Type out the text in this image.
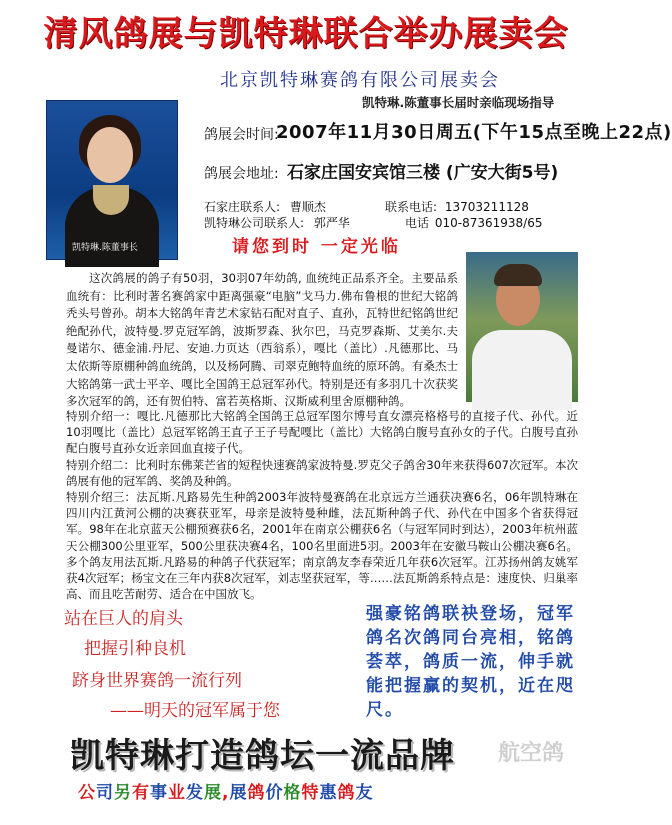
清风鸽展与凯特琳联合举办展卖会
北京凯特琳赛鸽有限公司展卖会
凯特琳.陈董事长届时亲临现场指导
凯特琳.陈董事长
鸽展会时间:
2007年11月30日周五(下午15点至晚上22点)
鸽展会地址: 石家庄国安宾馆三楼 (广安大街5号)
石家庄联系人: 曹顺杰	联系电话: 13703211128
凯特琳公司联系人: 郭严华	电话 010-87361938/65
请您到时 一定光临
这次鸽展的鸽子有50羽，30羽07年幼鸽, 血统纯正品系齐全。主要品系血统有：比利时著名赛鸽家中距离强豪“电脑”戈马力.佛布鲁根的世纪大铭鸽秃头号曾孙。胡本大铭鸽年青艺术家钻石配对直子、直孙，瓦特世纪铭鸽世纪绝配孙代，波特曼.罗克冠军鸽，波斯罗森、狄尔巴，马克罗森斯、艾美尔.夫曼诺尔、德金浦.丹尼、安迪.力页达（西翁系），嘎比（盖比）.凡德那比、马太依斯等原棚种鸽血统鸽，以及杨阿腾、司翠克鲍特血统的原环鸽。有桑杰士大铭鸽第一武士平辛、嘎比全国鸽王总冠军孙代。特别是还有多羽几十次获奖多次冠军的鸽，还有贺伯特、富若英格斯、汉斯威利里舍原棚种鸽。

特别介绍一：嘎比.凡德那比大铭鸽全国鸽王总冠军图尔博号直女漂亮格格号的直接子代、孙代。近10羽嘎比（盖比）总冠军铭鸽王直子王子号配嘎比（盖比）大铭鸽白腹号直孙女的子代。白腹号直孙配白腹号直孙女近亲回血直接子代。

特别介绍二：比利时东佛莱芒省的短程快速赛鸽家波特曼.罗克父子鸽舍30年来获得607次冠军。本次鸽展有他的冠军鸽、奖鸽及种鸽。

特别介绍三：法瓦斯.凡路易先生种鸽2003年波特曼赛鸽在北京远方兰通获决赛6名，06年凯特琳在四川内江黄河公棚的决赛获亚军，母亲是波特曼种雌，法瓦斯种鸽子代、孙代在中国多个省获得冠军。98年在北京蓝天公棚预赛获6名，2001年在南京公棚获6名（与冠军同时到达），2003年杭州蓝天公棚300公里亚军，500公里获决赛4名，100名里面进5羽。2003年在安徽马鞍山公棚决赛6名。多个鸽友用法瓦斯.凡路易的种鸽子代获冠军；南京鸽友李春荣近几年获6次冠军。江苏扬州鸽友姚军获4次冠军；杨宝文在三年内获8次冠军，刘志坚获冠军，等……法瓦斯鸽系特点是：速度快、归巢率高、而且吃苦耐劳、适合在中国放飞。

站在巨人的肩头
把握引种良机
跻身世界赛鸽一流行列
——明天的冠军属于您
强豪铭鸽联袂登场，冠军鸽名次鸽同台亮相，铭鸽荟萃，鸽质一流，伸手就能把握赢的契机，近在咫尺。
凯特琳打造鸽坛一流品牌 航空鸽
公司另有事业发展,展鸽价格特惠鸽友
